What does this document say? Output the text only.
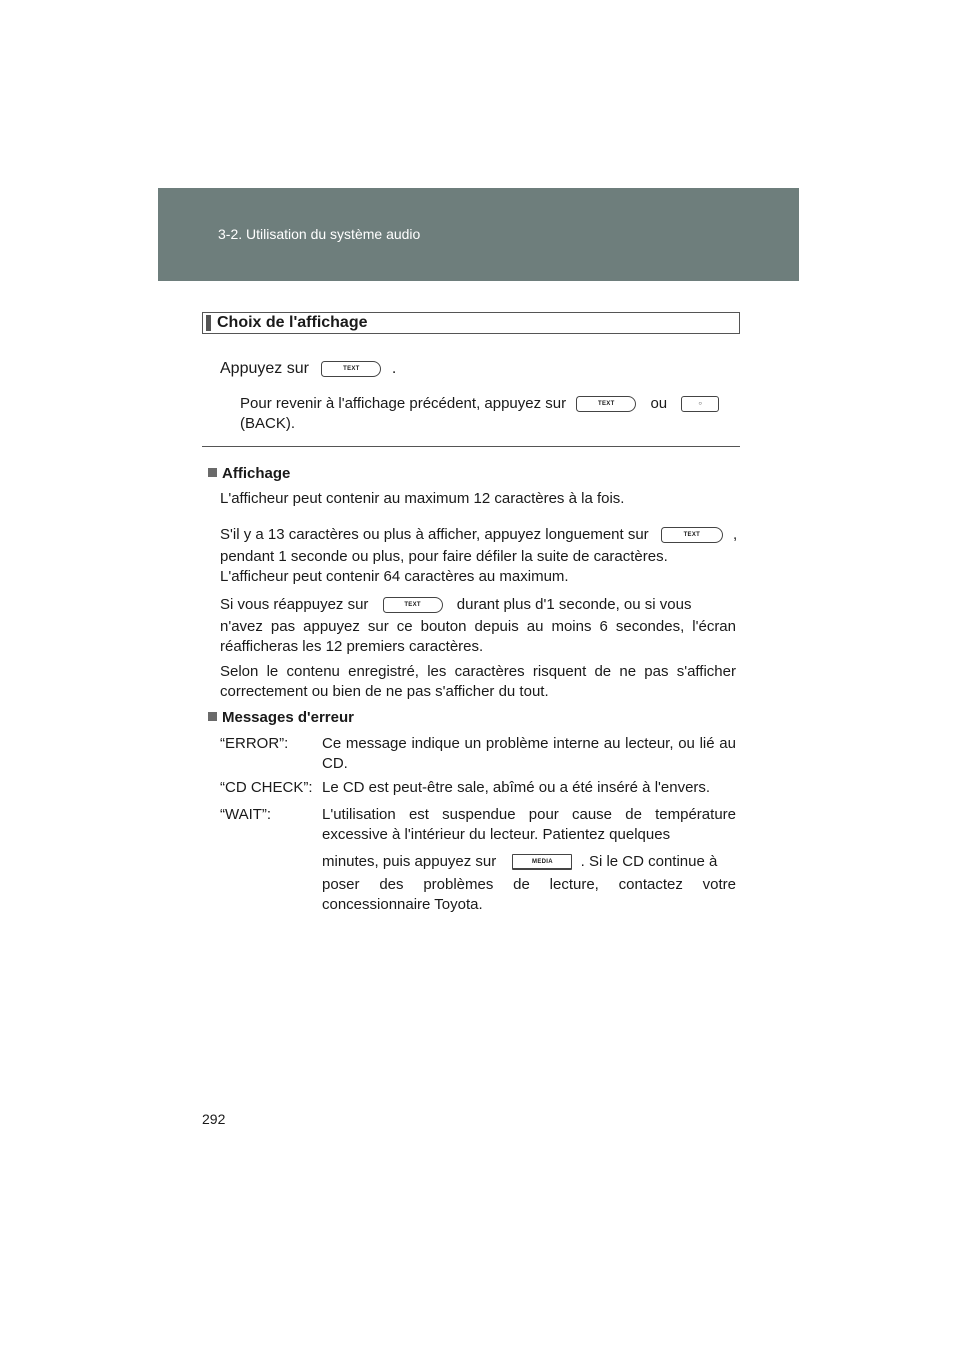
3-2. Utilisation du système audio
Choix de l'affichage
Appuyez sur	TEXT .
Pour revenir à l'affichage précédent, appuyez sur	TEXT ou	○
(BACK).
Affichage
L'afficheur peut contenir au maximum 12 caractères à la fois.
S'il y a 13 caractères ou plus à afficher, appuyez longuement sur	TEXT ,
pendant 1 seconde ou plus, pour faire défiler la suite de caractères.
L'afficheur peut contenir 64 caractères au maximum.
Si vous réappuyez sur	TEXT durant plus d'1 seconde, ou si vous
n'avez pas appuyez sur ce bouton depuis au moins 6 secondes, l'écran réafficheras les 12 premiers caractères.
Selon le contenu enregistré, les caractères risquent de ne pas s'afficher correctement ou bien de ne pas s'afficher du tout.
Messages d'erreur
“ERROR”: Ce message indique un problème interne au lecteur, ou lié au CD.
“CD CHECK”: Le CD est peut-être sale, abîmé ou a été inséré à l'envers.
“WAIT”:	L'utilisation est suspendue pour cause de température excessive à l'intérieur du lecteur. Patientez quelques
minutes, puis appuyez sur	MEDIA . Si le CD continue à
poser des problèmes de lecture, contactez votre concessionnaire Toyota.
292
